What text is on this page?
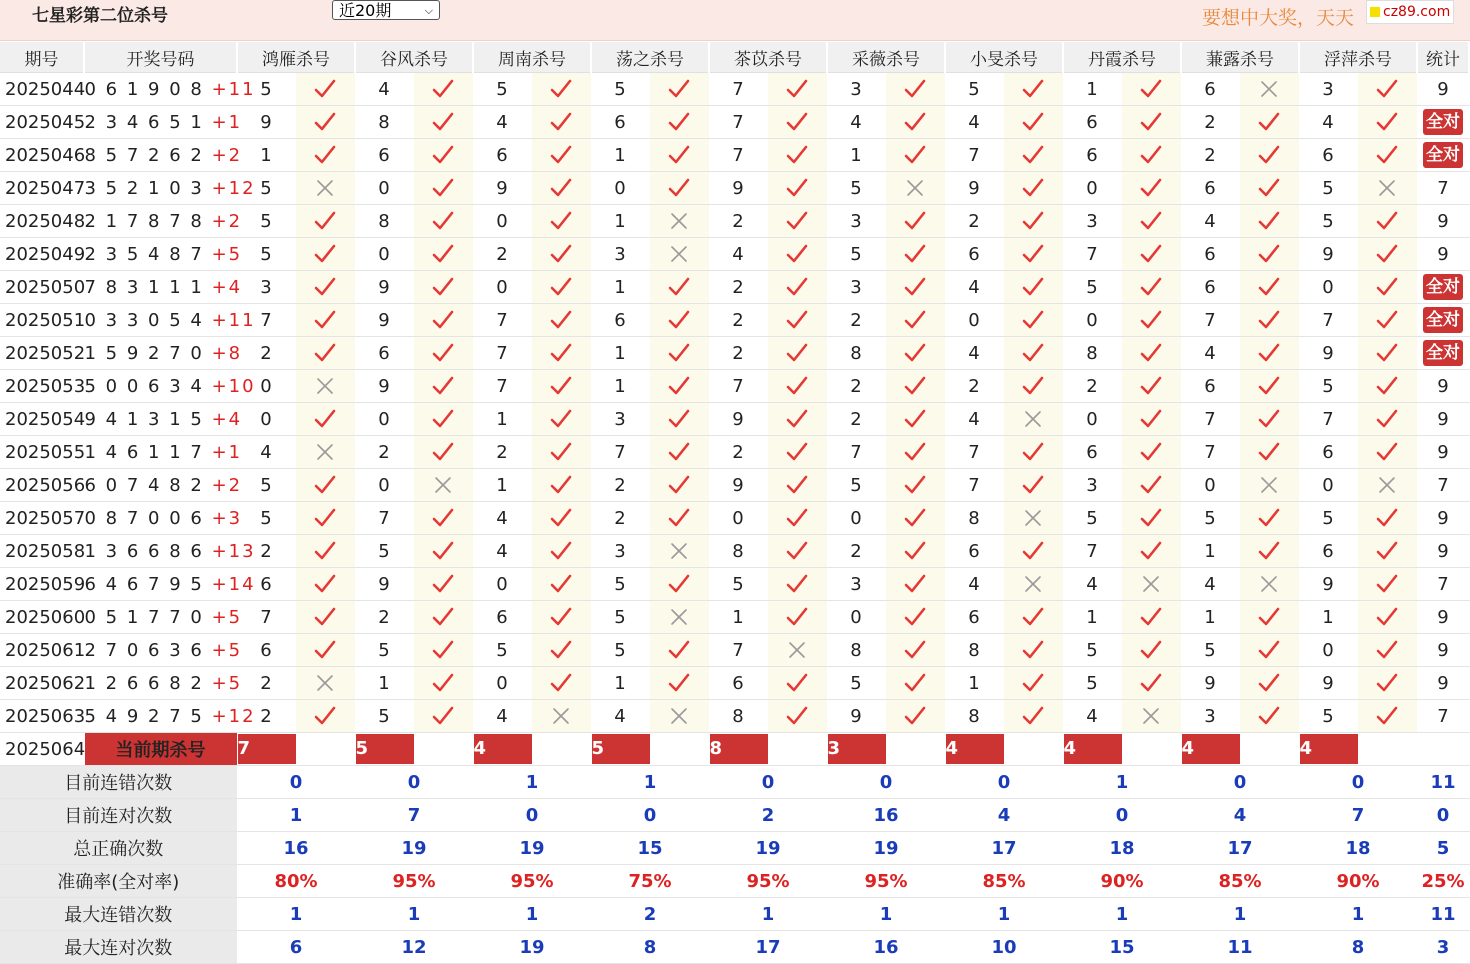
七星彩第二位杀号	近20期	⌵	要想中大奖，天天	cz89.com
期号	开奖号码	鸿雁杀号		谷风杀号		周南杀号		荡之杀号		茶苡杀号		采薇杀号		小旻杀号		丹霞杀号		蒹露杀号		浮萍杀号		统计
2025044	0 6 1 9 0 8 +11	5		4		5		5		7		3		5		1		6		3		9
2025045	2 3 4 6 5 1 +1	9		8		4		6		7		4		4		6		2		4		全对
2025046	8 5 7 2 6 2 +2	1		6		6		1		7		1		7		6		2		6		全对
2025047	3 5 2 1 0 3 +12	5		0		9		0		9		5		9		0		6		5		7
2025048	2 1 7 8 7 8 +2	5		8		0		1		2		3		2		3		4		5		9
2025049	2 3 5 4 8 7 +5	5		0		2		3		4		5		6		7		6		9		9
2025050	7 8 3 1 1 1 +4	3		9		0		1		2		3		4		5		6		0		全对
2025051	0 3 3 0 5 4 +11	7		9		7		6		2		2		0		0		7		7		全对
2025052	1 5 9 2 7 0 +8	2		6		7		1		2		8		4		8		4		9		全对
2025053	5 0 0 6 3 4 +10	0		9		7		1		7		2		2		2		6		5		9
2025054	9 4 1 3 1 5 +4	0		0		1		3		9		2		4		0		7		7		9
2025055	1 4 6 1 1 7 +1	4		2		2		7		2		7		7		6		7		6		9
2025056	6 0 7 4 8 2 +2	5		0		1		2		9		5		7		3		0		0		7
2025057	0 8 7 0 0 6 +3	5		7		4		2		0		0		8		5		5		5		9
2025058	1 3 6 6 8 6 +13	2		5		4		3		8		2		6		7		1		6		9
2025059	6 4 6 7 9 5 +14	6		9		0		5		5		3		4		4		4		9		7
2025060	0 5 1 7 7 0 +5	7		2		6		5		1		0		6		1		1		1		9
2025061	2 7 0 6 3 6 +5	6		5		5		5		7		8		8		5		5		0		9
2025062	1 2 6 6 8 2 +5	2		1		0		1		6		5		1		5		9		9		9
2025063	5 4 9 2 7 5 +12	2		5		4		4		8		9		8		4		3		5		7
2025064	当前期杀号	7		5		4		5		8		3		4		4		4		4		

目前连错次数		0		0		1		1		0		0		0		1		0		0		11
目前连对次数		1		7		0		0		2		16		4		0		4		7		0
总正确次数		16		19		19		15		19		19		17		18		17		18		5
准确率(全对率)		80%		95%		95%		75%		95%		95%		85%		90%		85%		90%		25%
最大连错次数		1		1		1		2		1		1		1		1		1		1		11
最大连对次数		6		12		19		8		17		16		10		15		11		8		3
